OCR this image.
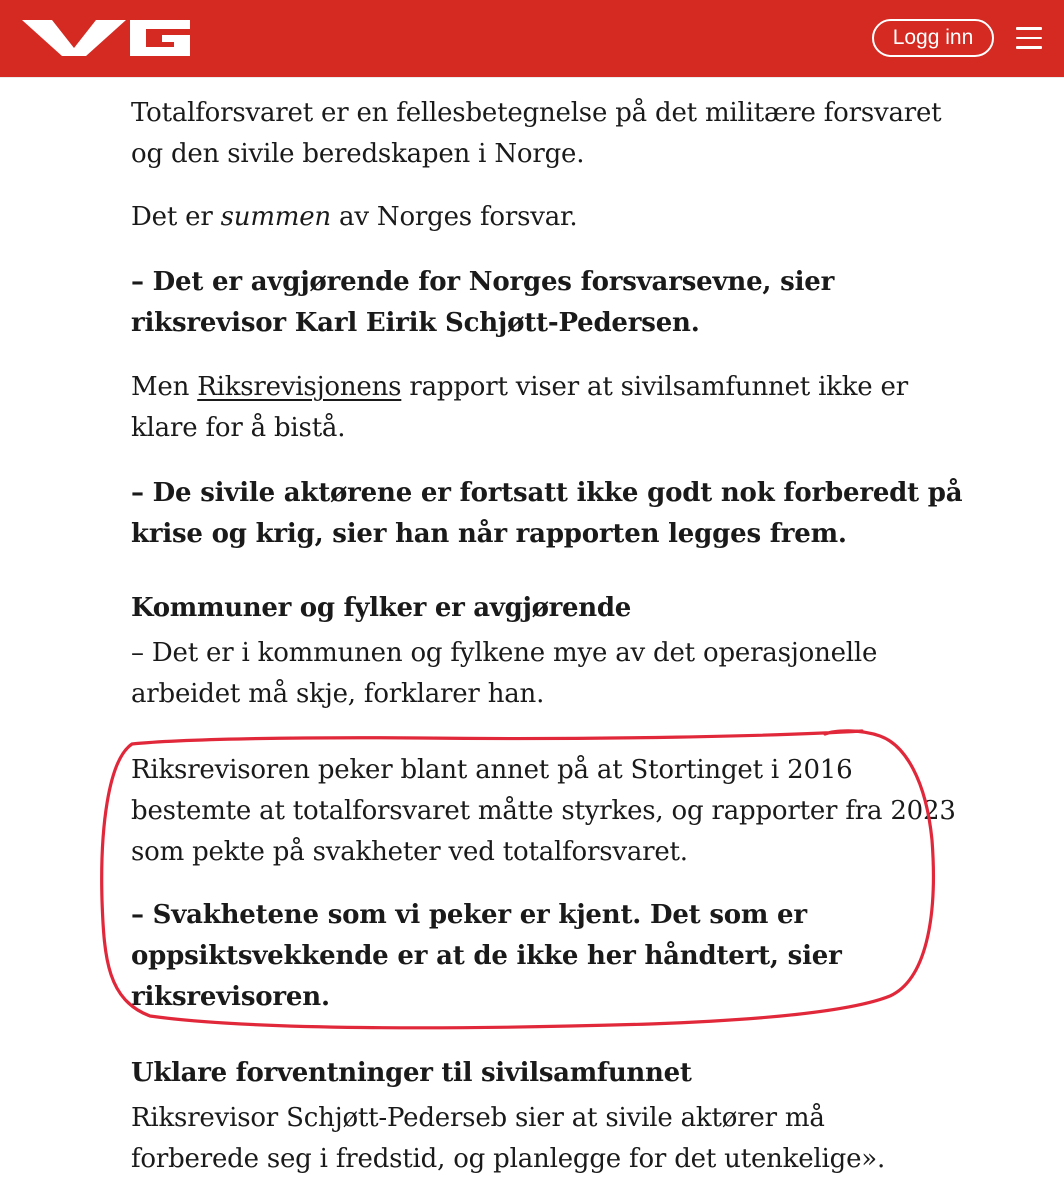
Logg inn

Totalforsvaret er en fellesbetegnelse på det militære forsvaret
og den sivile beredskapen i Norge.

Det er summen av Norges forsvar.

– Det er avgjørende for Norges forsvarsevne, sier
riksrevisor Karl Eirik Schjøtt-Pedersen.

Men Riksrevisjonens rapport viser at sivilsamfunnet ikke er
klare for å bistå.

– De sivile aktørene er fortsatt ikke godt nok forberedt på
krise og krig, sier han når rapporten legges frem.

Kommuner og fylker er avgjørende

– Det er i kommunen og fylkene mye av det operasjonelle
arbeidet må skje, forklarer han.

Riksrevisoren peker blant annet på at Stortinget i 2016
bestemte at totalforsvaret måtte styrkes, og rapporter fra 2023
som pekte på svakheter ved totalforsvaret.

– Svakhetene som vi peker er kjent. Det som er
oppsiktsvekkende er at de ikke her håndtert, sier
riksrevisoren.

Uklare forventninger til sivilsamfunnet

Riksrevisor Schjøtt-Pederseb sier at sivile aktører må
forberede seg i fredstid, og planlegge for det utenkelige».
